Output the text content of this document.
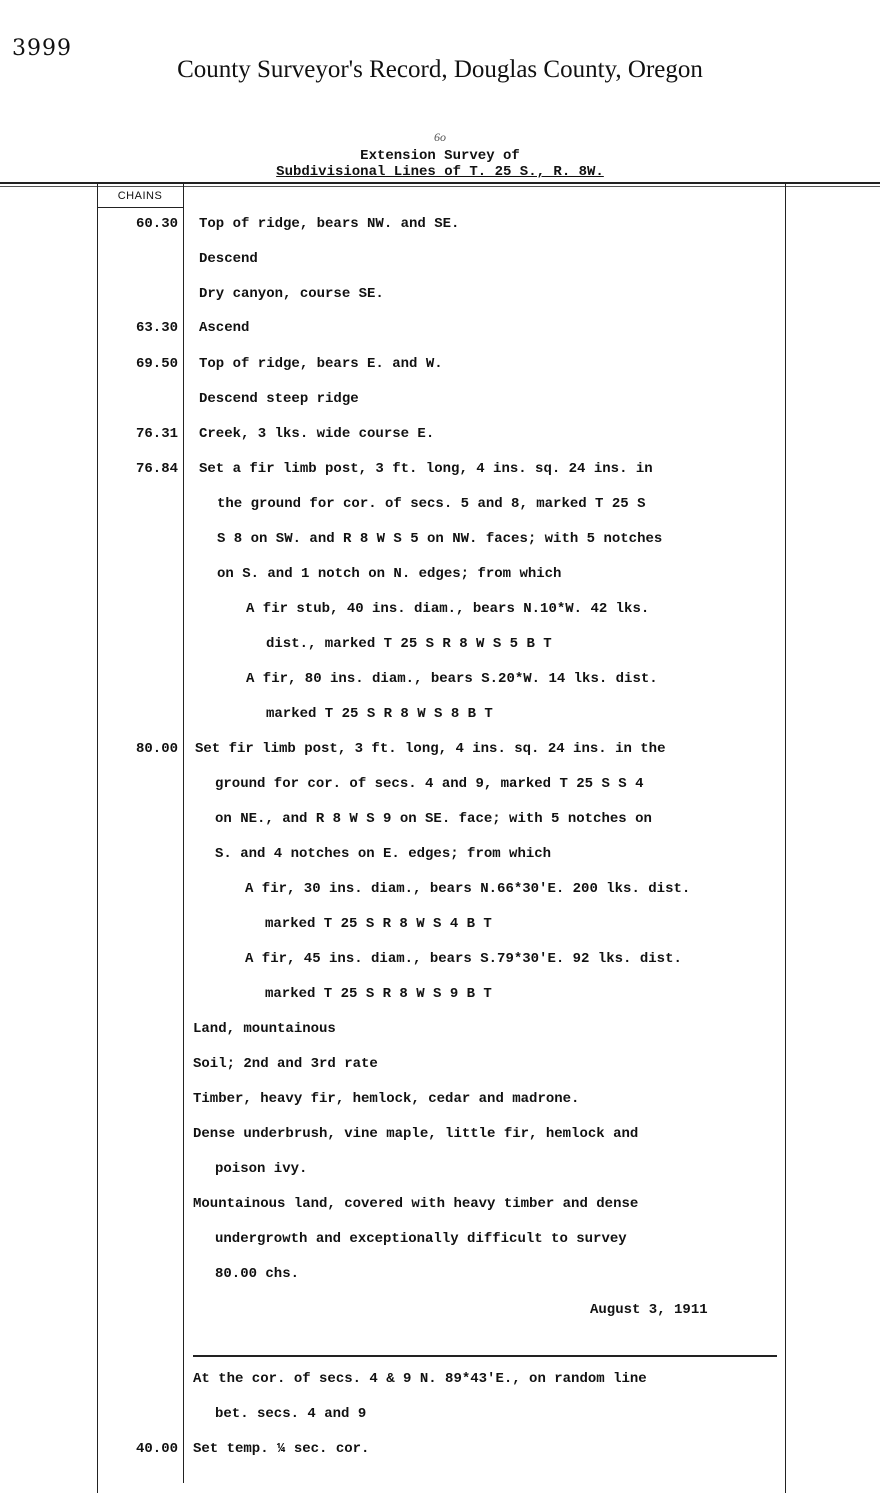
3999
County Surveyor's Record, Douglas County, Oregon
6o
Extension Survey of
Subdivisional Lines of T. 25 S., R. 8W.
CHAINS
60.30
63.30
69.50
76.31
76.84
80.00
40.00
Top of ridge, bears NW. and SE.
Descend
Dry canyon, course SE.
Ascend
Top of ridge, bears E. and W.
Descend steep ridge
Creek, 3 lks. wide course E.
Set a fir limb post, 3 ft. long, 4 ins. sq. 24 ins. in
the ground for cor. of secs. 5 and 8, marked T 25 S
S 8 on SW. and R 8 W S 5 on NW. faces; with 5 notches
on S. and 1 notch on N. edges; from which
A fir stub, 40 ins. diam., bears N.10*W. 42 lks.
dist., marked T 25 S R 8 W S 5 B T
A fir, 80 ins. diam., bears S.20*W. 14 lks. dist.
marked T 25 S R 8 W S 8 B T
Set fir limb post, 3 ft. long, 4 ins. sq. 24 ins. in the
ground for cor. of secs. 4 and 9, marked T 25 S S 4
on NE., and R 8 W S 9 on SE. face; with 5 notches on
S. and 4 notches on E. edges; from which
A fir, 30 ins. diam., bears N.66*30'E. 200 lks. dist.
marked T 25 S R 8 W S 4 B T
A fir, 45 ins. diam., bears S.79*30'E. 92 lks. dist.
marked T 25 S R 8 W S 9 B T
Land, mountainous
Soil; 2nd and 3rd rate
Timber, heavy fir, hemlock, cedar and madrone.
Dense underbrush, vine maple, little fir, hemlock and
poison ivy.
Mountainous land, covered with heavy timber and dense
undergrowth and exceptionally difficult to survey
80.00 chs.
August 3, 1911
At the cor. of secs. 4 & 9 N. 89*43'E., on random line
bet. secs. 4 and 9
Set temp. ¼ sec. cor.
